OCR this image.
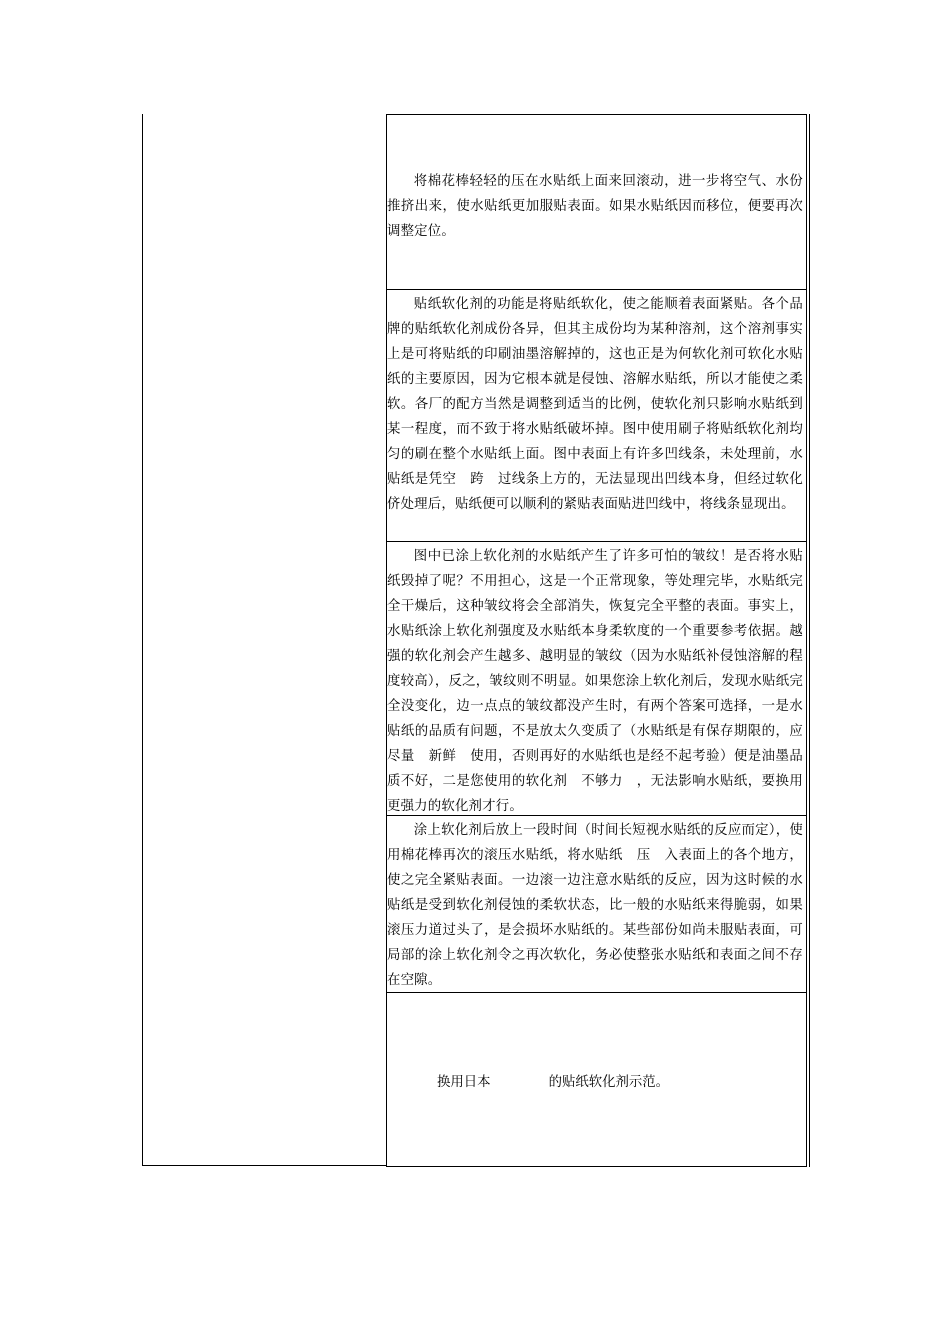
将棉花棒轻轻的压在水贴纸上面来回滚动，进一步将空气、水份推挤出来，使水贴纸更加服贴表面。如果水贴纸因而移位，便要再次调整定位。

贴纸软化剂的功能是将贴纸软化，使之能顺着表面紧贴。各个品牌的贴纸软化剂成份各异，但其主成份均为某种溶剂，这个溶剂事实上是可将贴纸的印刷油墨溶解掉的，这也正是为何软化剂可软化水贴纸的主要原因，因为它根本就是侵蚀、溶解水贴纸，所以才能使之柔软。各厂的配方当然是调整到适当的比例，使软化剂只影响水贴纸到某一程度，而不致于将水贴纸破坏掉。图中使用刷子将贴纸软化剂均匀的刷在整个水贴纸上面。图中表面上有许多凹线条，未处理前，水贴纸是凭空　跨　过线条上方的，无法显现出凹线本身，但经过软化侪处理后，贴纸便可以顺利的紧贴表面贴进凹线中，将线条显现出。

图中已涂上软化剂的水贴纸产生了许多可怕的皱纹！是否将水贴纸毁掉了呢？不用担心，这是一个正常现象，等处理完毕，水贴纸完全干燥后，这种皱纹将会全部消失，恢复完全平整的表面。事实上，水贴纸涂上软化剂强度及水贴纸本身柔软度的一个重要参考依据。越强的软化剂会产生越多、越明显的皱纹（因为水贴纸补侵蚀溶解的程度较高），反之，皱纹则不明显。如果您涂上软化剂后，发现水贴纸完全没变化，边一点点的皱纹都没产生时，有两个答案可选择，一是水贴纸的品质有问题，不是放太久变质了（水贴纸是有保存期限的，应尽量　新鲜　使用，否则再好的水贴纸也是经不起考验）便是油墨品质不好，二是您使用的软化剂　不够力　，无法影响水贴纸，要换用更强力的软化剂才行。

涂上软化剂后放上一段时间（时间长短视水贴纸的反应而定），使用棉花棒再次的滚压水贴纸，将水贴纸　压　入表面上的各个地方，使之完全紧贴表面。一边滚一边注意水贴纸的反应，因为这时候的水贴纸是受到软化剂侵蚀的柔软状态，比一般的水贴纸来得脆弱，如果滚压力道过头了，是会损坏水贴纸的。某些部份如尚未服贴表面，可局部的涂上软化剂令之再次软化，务必使整张水贴纸和表面之间不存在空隙。

换用日本	的贴纸软化剂示范。
